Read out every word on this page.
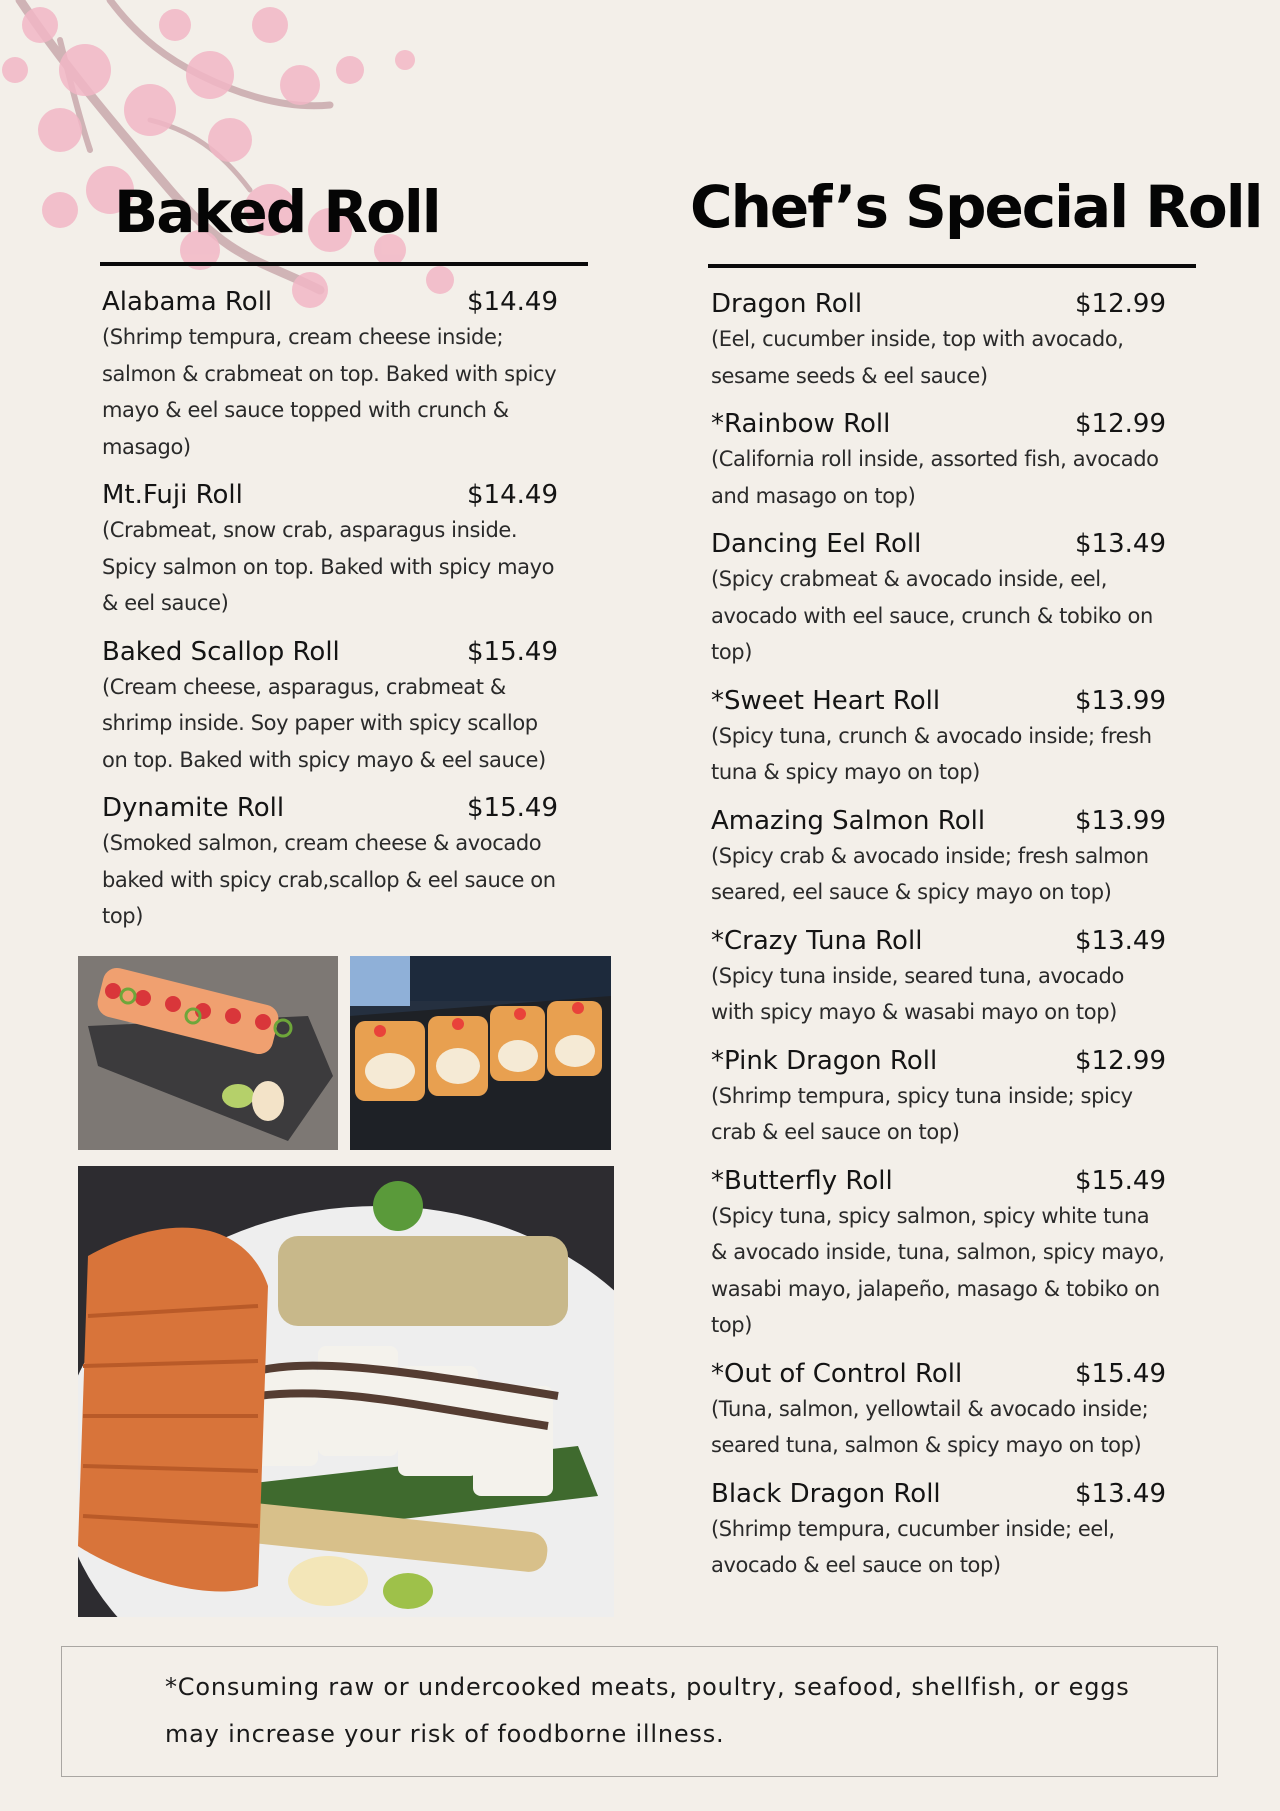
Baked Roll
Alabama Roll	$14.49
(Shrimp tempura, cream cheese inside; salmon & crabmeat on top. Baked with spicy mayo & eel sauce topped with crunch & masago)
Mt.Fuji Roll	$14.49
(Crabmeat, snow crab, asparagus inside. Spicy salmon on top. Baked with spicy mayo & eel sauce)
Baked Scallop Roll	$15.49
(Cream cheese, asparagus, crabmeat & shrimp inside. Soy paper with spicy scallop on top. Baked with spicy mayo & eel sauce)
Dynamite Roll	$15.49
(Smoked salmon, cream cheese & avocado baked with spicy crab,scallop & eel sauce on top)
Chef’s Special Roll
Dragon Roll	$12.99
(Eel, cucumber inside, top with avocado, sesame seeds & eel sauce)
*Rainbow Roll	$12.99
(California roll inside, assorted fish, avocado and masago on top)
Dancing Eel Roll	$13.49
(Spicy crabmeat & avocado inside, eel, avocado with eel sauce, crunch & tobiko on top)
*Sweet Heart Roll	$13.99
(Spicy tuna, crunch & avocado inside; fresh tuna & spicy mayo on top)
Amazing Salmon Roll	$13.99
(Spicy crab & avocado inside; fresh salmon seared, eel sauce & spicy mayo on top)
*Crazy Tuna Roll	$13.49
(Spicy tuna inside, seared tuna, avocado with spicy mayo & wasabi mayo on top)
*Pink Dragon Roll	$12.99
(Shrimp tempura, spicy tuna inside; spicy crab & eel sauce on top)
*Butterfly Roll	$15.49
(Spicy tuna, spicy salmon, spicy white tuna & avocado inside, tuna, salmon, spicy mayo, wasabi mayo, jalapeño, masago & tobiko on top)
*Out of Control Roll	$15.49
(Tuna, salmon, yellowtail & avocado inside; seared tuna, salmon & spicy mayo on top)
Black Dragon Roll	$13.49
(Shrimp tempura, cucumber inside; eel, avocado & eel sauce on top)
*Consuming raw or undercooked meats, poultry, seafood, shellfish, or eggs
may increase your risk of foodborne illness.
